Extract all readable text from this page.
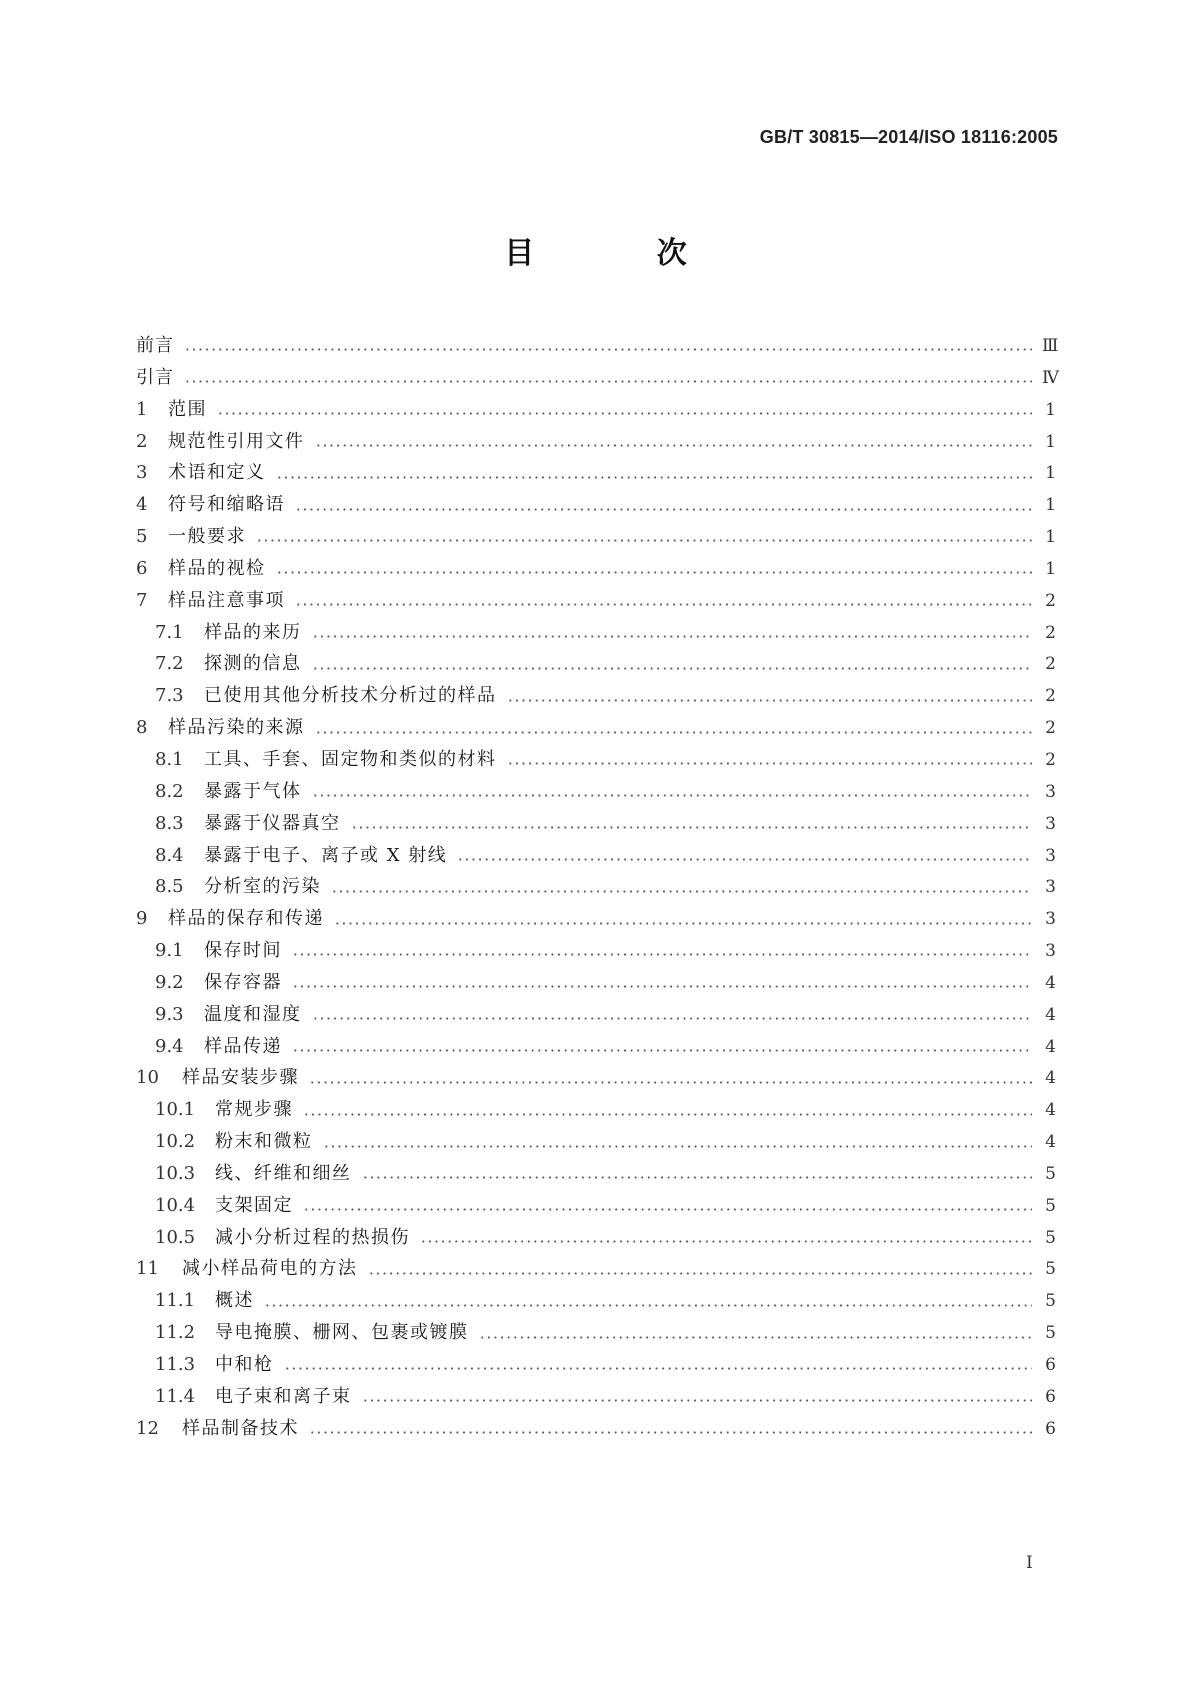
GB/T 30815—2014/ISO 18116:2005
目 次
前言	Ⅲ
引言	Ⅳ
1	范围	1
2	规范性引用文件	1
3	术语和定义	1
4	符号和缩略语	1
5	一般要求	1
6	样品的视检	1
7	样品注意事项	2
7.1	样品的来历	2
7.2	探测的信息	2
7.3	已使用其他分析技术分析过的样品	2
8	样品污染的来源	2
8.1	工具、手套、固定物和类似的材料	2
8.2	暴露于气体	3
8.3	暴露于仪器真空	3
8.4	暴露于电子、离子或 X 射线	3
8.5	分析室的污染	3
9	样品的保存和传递	3
9.1	保存时间	3
9.2	保存容器	4
9.3	温度和湿度	4
9.4	样品传递	4
10	样品安装步骤	4
10.1	常规步骤	4
10.2	粉末和微粒	4
10.3	线、纤维和细丝	5
10.4	支架固定	5
10.5	减小分析过程的热损伤	5
11	减小样品荷电的方法	5
11.1	概述	5
11.2	导电掩膜、栅网、包裹或镀膜	5
11.3	中和枪	6
11.4	电子束和离子束	6
12	样品制备技术	6
I
